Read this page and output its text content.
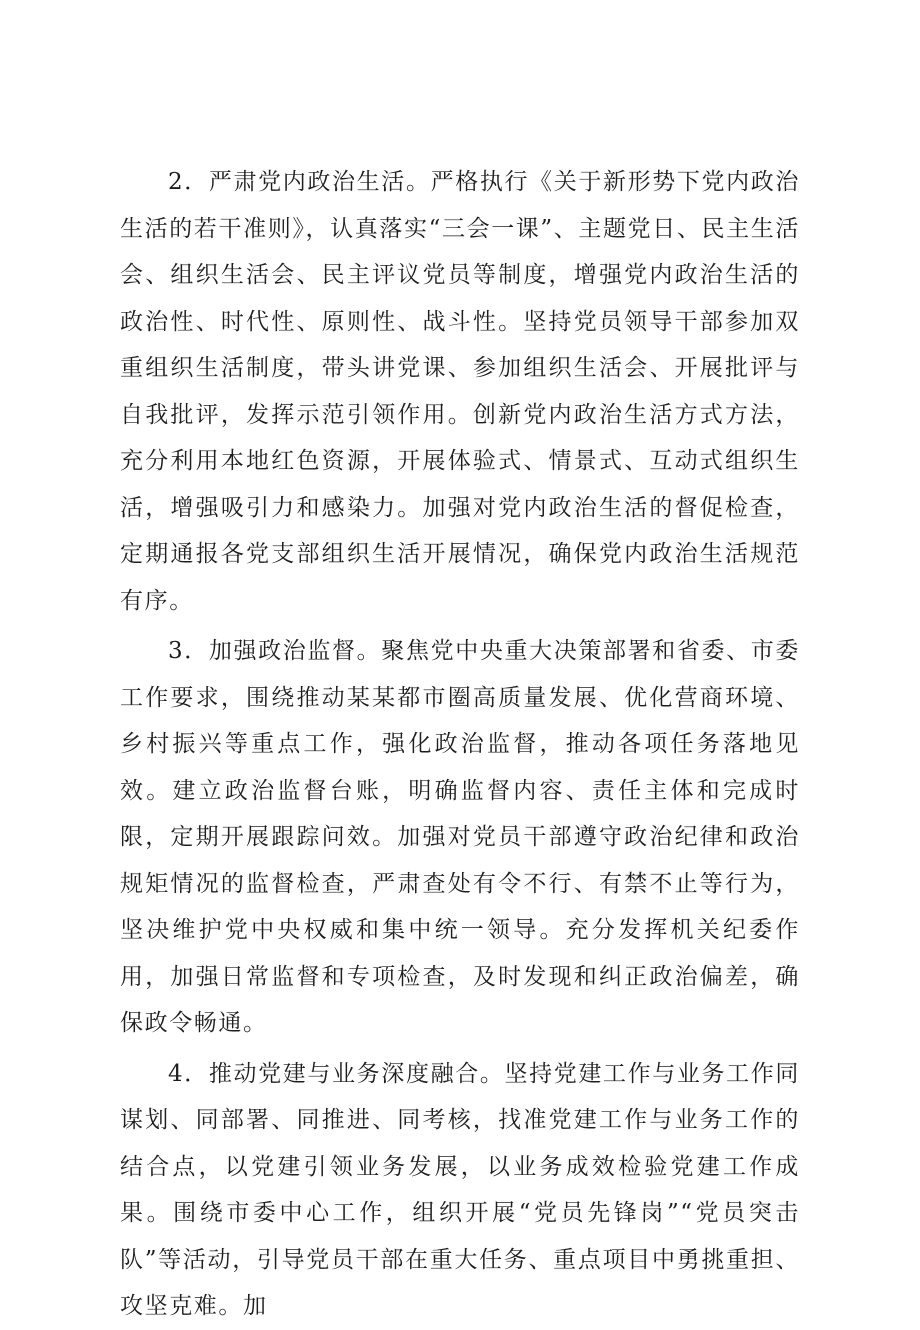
2．严肃党内政治生活。严格执行《关于新形势下党内政治生活的若干准则》，认真落实“三会一课”、主题党日、民主生活会、组织生活会、民主评议党员等制度，增强党内政治生活的政治性、时代性、原则性、战斗性。坚持党员领导干部参加双重组织生活制度，带头讲党课、参加组织生活会、开展批评与自我批评，发挥示范引领作用。创新党内政治生活方式方法，充分利用本地红色资源，开展体验式、情景式、互动式组织生活，增强吸引力和感染力。加强对党内政治生活的督促检查，定期通报各党支部组织生活开展情况，确保党内政治生活规范有序。

3．加强政治监督。聚焦党中央重大决策部署和省委、市委工作要求，围绕推动某某都市圈高质量发展、优化营商环境、乡村振兴等重点工作，强化政治监督，推动各项任务落地见效。建立政治监督台账，明确监督内容、责任主体和完成时限，定期开展跟踪问效。加强对党员干部遵守政治纪律和政治规矩情况的监督检查，严肃查处有令不行、有禁不止等行为，坚决维护党中央权威和集中统一领导。充分发挥机关纪委作用，加强日常监督和专项检查，及时发现和纠正政治偏差，确保政令畅通。

4．推动党建与业务深度融合。坚持党建工作与业务工作同谋划、同部署、同推进、同考核，找准党建工作与业务工作的结合点，以党建引领业务发展，以业务成效检验党建工作成果。围绕市委中心工作，组织开展“党员先锋岗”“党员突击队”等活动，引导党员干部在重大任务、重点项目中勇挑重担、攻坚克难。加
